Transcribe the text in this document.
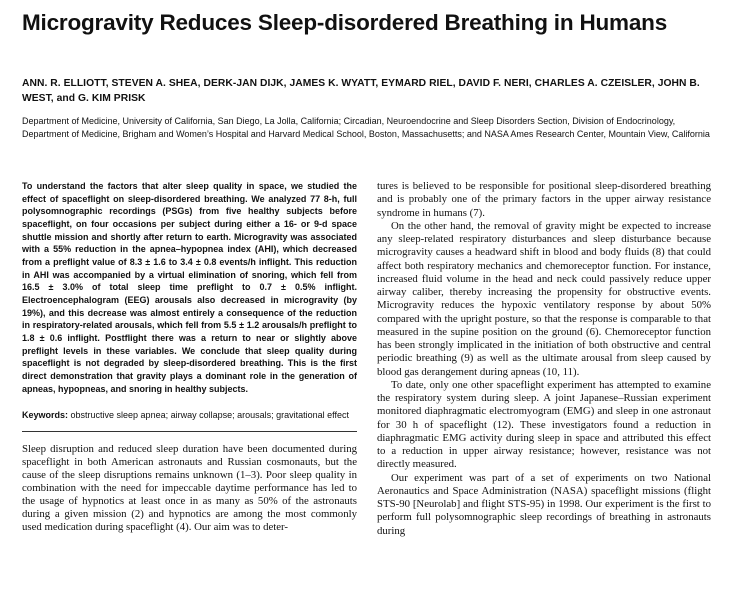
Microgravity Reduces Sleep-disordered Breathing in Humans
ANN. R. ELLIOTT, STEVEN A. SHEA, DERK-JAN DIJK, JAMES K. WYATT, EYMARD RIEL, DAVID F. NERI, CHARLES A. CZEISLER, JOHN B. WEST, and G. KIM PRISK
Department of Medicine, University of California, San Diego, La Jolla, California; Circadian, Neuroendocrine and Sleep Disorders Section, Division of Endocrinology, Department of Medicine, Brigham and Women’s Hospital and Harvard Medical School, Boston, Massachusetts; and NASA Ames Research Center, Mountain View, California

To understand the factors that alter sleep quality in space, we studied the effect of spaceflight on sleep-disordered breathing. We analyzed 77 8-h, full polysomnographic recordings (PSGs) from five healthy subjects before spaceflight, on four occasions per subject during either a 16- or 9-d space shuttle mission and shortly after return to earth. Microgravity was associated with a 55% reduction in the apnea–hypopnea index (AHI), which decreased from a preflight value of 8.3 ± 1.6 to 3.4 ± 0.8 events/h inflight. This reduction in AHI was accompanied by a virtual elimination of snoring, which fell from 16.5 ± 3.0% of total sleep time preflight to 0.7 ± 0.5% inflight. Electroencephalogram (EEG) arousals also decreased in microgravity (by 19%), and this decrease was almost entirely a consequence of the reduction in respiratory-related arousals, which fell from 5.5 ± 1.2 arousals/h preflight to 1.8 ± 0.6 inflight. Postflight there was a return to near or slightly above preflight levels in these variables. We conclude that sleep quality during spaceflight is not degraded by sleep-disordered breathing. This is the first direct demonstration that gravity plays a dominant role in the generation of apneas, hypopneas, and snoring in healthy subjects.

Keywords: obstructive sleep apnea; airway collapse; arousals; gravitational effect
Sleep disruption and reduced sleep duration have been documented during spaceflight in both American astronauts and Russian cosmonauts, but the cause of the sleep disruptions remains unknown (1–3). Poor sleep quality in combination with the need for impeccable daytime performance has led to the usage of hypnotics at least once in as many as 50% of the astronauts during a given mission (2) and hypnotics are among the most commonly used medication during spaceflight (4). Our aim was to deter-

tures is believed to be responsible for positional sleep-disordered breathing and is probably one of the primary factors in the upper airway resistance syndrome in humans (7).

On the other hand, the removal of gravity might be expected to increase any sleep-related respiratory disturbances and sleep disturbance because microgravity causes a headward shift in blood and body fluids (8) that could affect both respiratory mechanics and chemoreceptor function. For instance, increased fluid volume in the head and neck could passively reduce upper airway caliber, thereby increasing the propensity for obstructive events. Microgravity reduces the hypoxic ventilatory response by about 50% compared with the upright posture, so that the response is comparable to that measured in the supine position on the ground (6). Chemoreceptor function has been strongly implicated in the initiation of both obstructive and central periodic breathing (9) as well as the ultimate arousal from sleep caused by blood gas derangement during apneas (10, 11).

To date, only one other spaceflight experiment has attempted to examine the respiratory system during sleep. A joint Japanese–Russian experiment monitored diaphragmatic electromyogram (EMG) and sleep in one astronaut for 30 h of spaceflight (12). These investigators found a reduction in diaphragmatic EMG activity during sleep in space and attributed this effect to a reduction in upper airway resistance; however, resistance was not directly measured.

Our experiment was part of a set of experiments on two National Aeronautics and Space Administration (NASA) spaceflight missions (flight STS-90 [Neurolab] and flight STS-95) in 1998. Our experiment is the first to perform full polysomnographic sleep recordings of breathing in astronauts during
